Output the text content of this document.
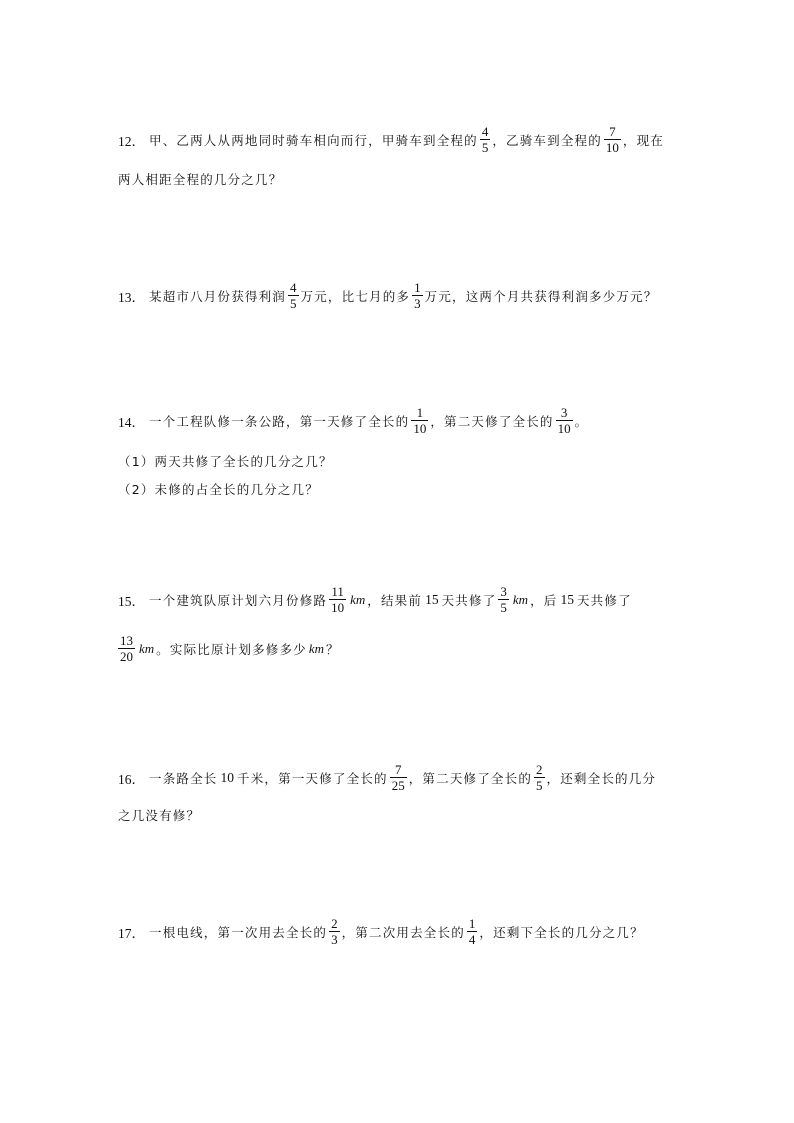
12． 甲、乙两人从两地同时骑车相向而行，甲骑车到全程的 $\frac{4}{5}$ ，乙骑车到全程的 $\frac{7}{10}$ ，现在
两人相距全程的几分之几？
13． 某超市八月份获得利润 $\frac{4}{5}$ 万元，比七月的多 $\frac{1}{3}$ 万元，这两个月共获得利润多少万元？
14． 一个工程队修一条公路，第一天修了全长的 $\frac{1}{10}$ ，第二天修了全长的 $\frac{3}{10}$ 。
（1）两天共修了全长的几分之几？
（2）未修的占全长的几分之几？
15． 一个建筑队原计划六月份修路 $\frac{11}{10}$ km ，结果前 15 天共修了 $\frac{3}{5}$ km ，后 15 天共修了
$\frac{13}{20}$ km 。实际比原计划多修多少 km ？
16． 一条路全长 10 千米，第一天修了全长的 $\frac{7}{25}$ ，第二天修了全长的 $\frac{2}{5}$ ，还剩全长的几分
之几没有修？
17． 一根电线，第一次用去全长的 $\frac{2}{3}$ ，第二次用去全长的 $\frac{1}{4}$ ，还剩下全长的几分之几？
